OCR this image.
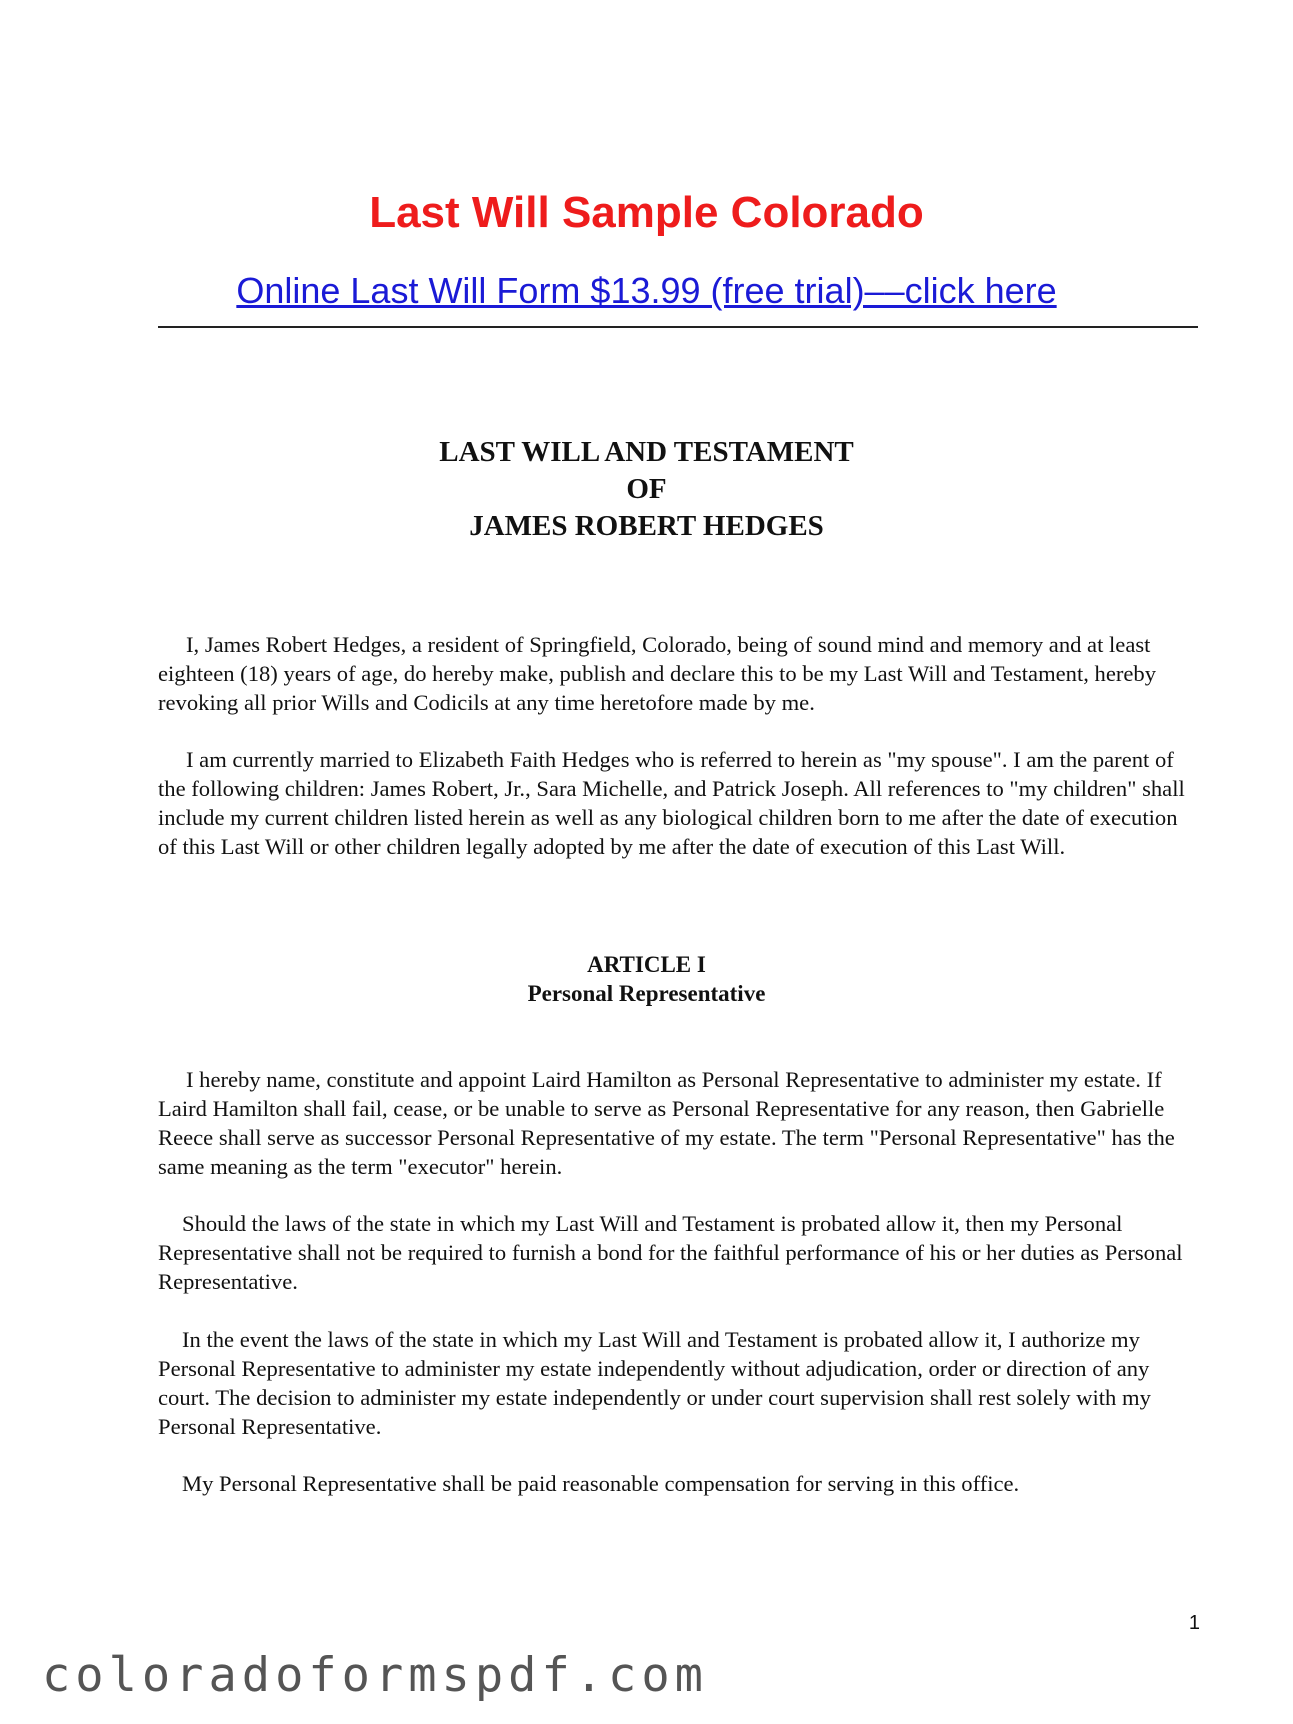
Last Will Sample Colorado
Online Last Will Form $13.99 (free trial)––click here
LAST WILL AND TESTAMENT
OF
JAMES ROBERT HEDGES

I, James Robert Hedges, a resident of Springfield, Colorado, being of sound mind and memory and at least eighteen (18) years of age, do hereby make, publish and declare this to be my Last Will and Testament, hereby revoking all prior Wills and Codicils at any time heretofore made by me.

I am currently married to Elizabeth Faith Hedges who is referred to herein as "my spouse". I am the parent of the following children: James Robert, Jr., Sara Michelle, and Patrick Joseph. All references to "my children" shall include my current children listed herein as well as any biological children born to me after the date of execution of this Last Will or other children legally adopted by me after the date of execution of this Last Will.

ARTICLE I
Personal Representative

I hereby name, constitute and appoint Laird Hamilton as Personal Representative to administer my estate. If Laird Hamilton shall fail, cease, or be unable to serve as Personal Representative for any reason, then Gabrielle Reece shall serve as successor Personal Representative of my estate. The term "Personal Representative" has the same meaning as the term "executor" herein.

Should the laws of the state in which my Last Will and Testament is probated allow it, then my Personal Representative shall not be required to furnish a bond for the faithful performance of his or her duties as Personal Representative.

In the event the laws of the state in which my Last Will and Testament is probated allow it, I authorize my Personal Representative to administer my estate independently without adjudication, order or direction of any court. The decision to administer my estate independently or under court supervision shall rest solely with my Personal Representative.

My Personal Representative shall be paid reasonable compensation for serving in this office.

1
coloradoformspdf.com
